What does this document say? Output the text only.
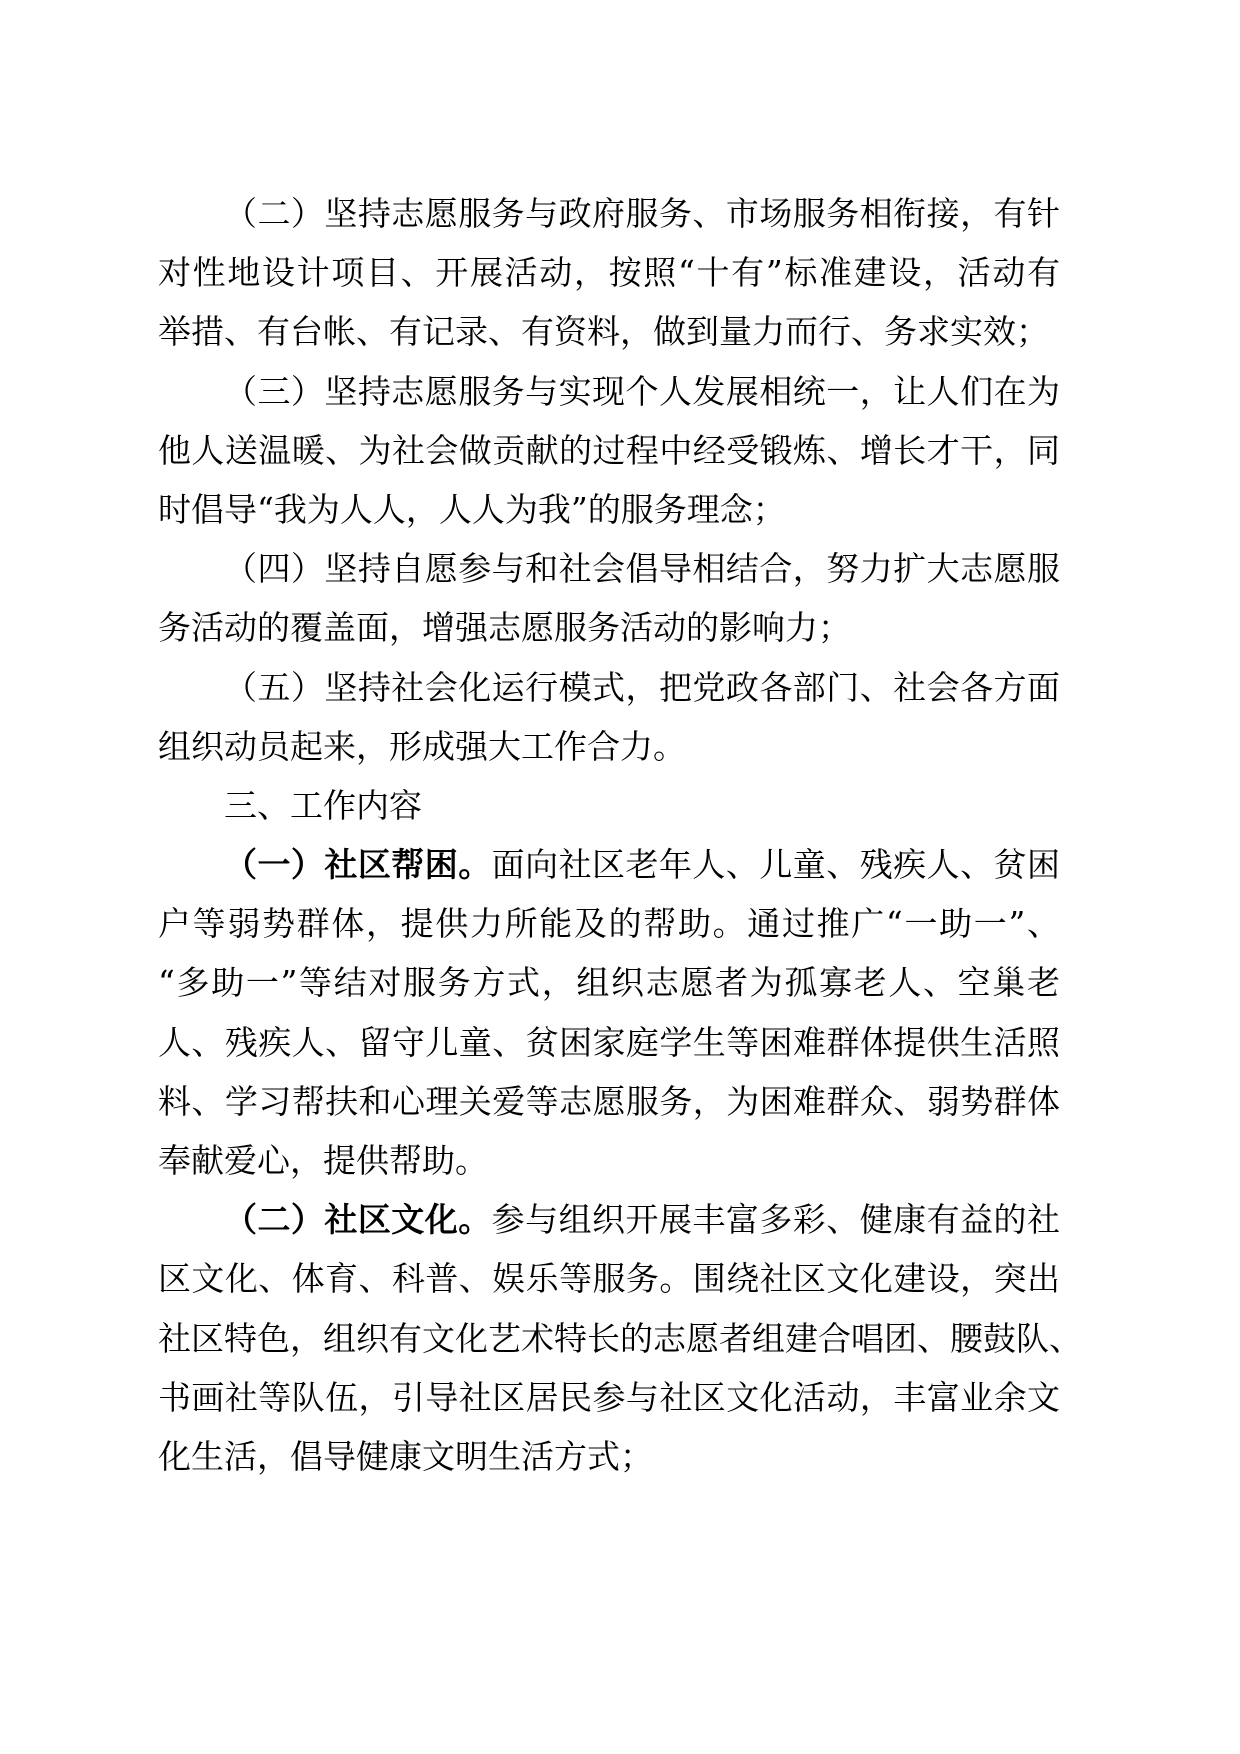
（二）坚持志愿服务与政府服务、市场服务相衔接，有针
对性地设计项目、开展活动，按照“十有”标准建设，活动有
举措、有台帐、有记录、有资料，做到量力而行、务求实效；
（三）坚持志愿服务与实现个人发展相统一，让人们在为
他人送温暖、为社会做贡献的过程中经受锻炼、增长才干，同
时倡导“我为人人，人人为我”的服务理念；
（四）坚持自愿参与和社会倡导相结合，努力扩大志愿服
务活动的覆盖面，增强志愿服务活动的影响力；
（五）坚持社会化运行模式，把党政各部门、社会各方面
组织动员起来，形成强大工作合力。
三、工作内容
（一）社区帮困。面向社区老年人、儿童、残疾人、贫困
户等弱势群体，提供力所能及的帮助。通过推广“一助一”、
“多助一”等结对服务方式，组织志愿者为孤寡老人、空巢老
人、残疾人、留守儿童、贫困家庭学生等困难群体提供生活照
料、学习帮扶和心理关爱等志愿服务，为困难群众、弱势群体
奉献爱心，提供帮助。
（二）社区文化。参与组织开展丰富多彩、健康有益的社
区文化、体育、科普、娱乐等服务。围绕社区文化建设，突出
社区特色，组织有文化艺术特长的志愿者组建合唱团、腰鼓队、
书画社等队伍，引导社区居民参与社区文化活动，丰富业余文
化生活，倡导健康文明生活方式；
